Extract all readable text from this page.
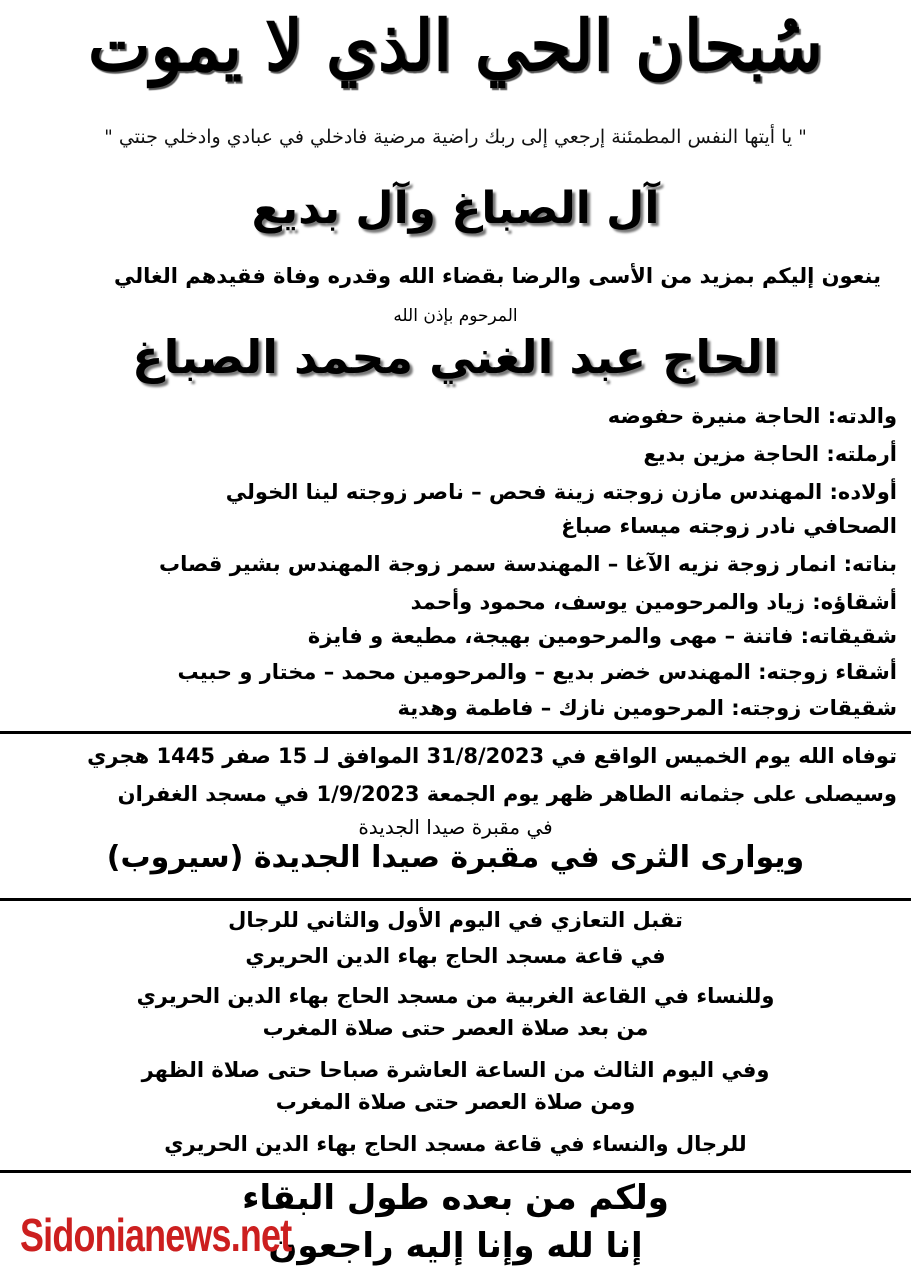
سُبحان الحي الذي لا يموت
" يا أيتها النفس المطمئنة إرجعي إلى ربك راضية مرضية فادخلي في عبادي وادخلي جنتي "
آل الصباغ وآل بديع
ينعون إليكم بمزيد من الأسى والرضا بقضاء الله وقدره وفاة فقيدهم الغالي
المرحوم بإذن الله
الحاج عبد الغني محمد الصباغ
والدته: الحاجة منيرة حفوضه
أرملته: الحاجة مزين بديع
أولاده: المهندس مازن زوجته زينة فحص – ناصر زوجته لينا الخولي
الصحافي نادر زوجته ميساء صباغ
بناته: انمار زوجة نزيه الآغا – المهندسة سمر زوجة المهندس بشير قصاب
أشقاؤه: زياد والمرحومين يوسف، محمود وأحمد
شقيقاته: فاتنة – مهى والمرحومين بهيجة، مطيعة و فايزة
أشقاء زوجته: المهندس خضر بديع – والمرحومين محمد – مختار و حبيب
شقيقات زوجته: المرحومين نازك – فاطمة وهدية
توفاه الله يوم الخميس الواقع في 31/8/2023 الموافق لـ 15 صفر 1445 هجري
وسيصلى على جثمانه الطاهر ظهر يوم الجمعة 1/9/2023 في مسجد الغفران
في مقبرة صيدا الجديدة
ويوارى الثرى في مقبرة صيدا الجديدة (سيروب)
تقبل التعازي في اليوم الأول والثاني للرجال
في قاعة مسجد الحاج بهاء الدين الحريري
وللنساء في القاعة الغربية من مسجد الحاج بهاء الدين الحريري
من بعد صلاة العصر حتى صلاة المغرب
وفي اليوم الثالث من الساعة العاشرة صباحا حتى صلاة الظهر
ومن صلاة العصر حتى صلاة المغرب
للرجال والنساء في قاعة مسجد الحاج بهاء الدين الحريري
ولكم من بعده طول البقاء
إنا لله وإنا إليه راجعون
Sidonianews.net
